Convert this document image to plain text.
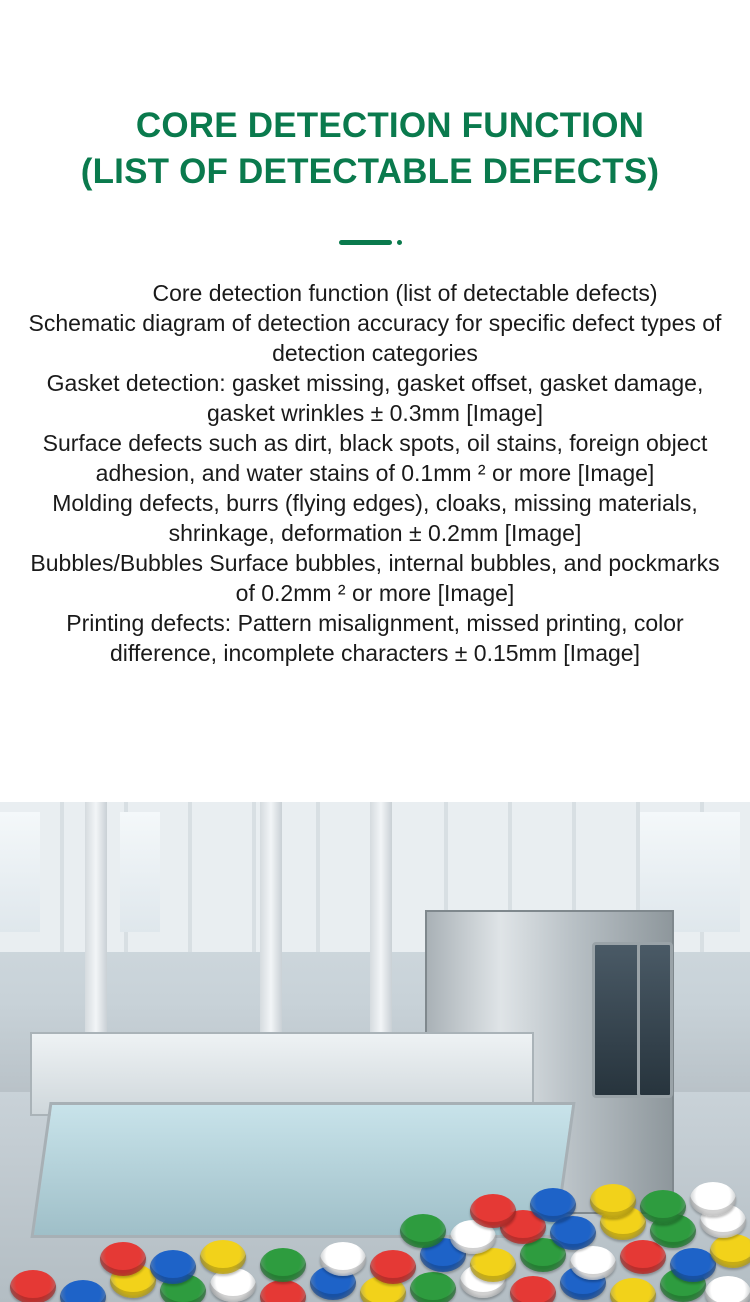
CORE DETECTION FUNCTION
(LIST OF DETECTABLE DEFECTS)

Core detection function (list of detectable defects)

Schematic diagram of detection accuracy for specific defect types of detection categories

Gasket detection: gasket missing, gasket offset, gasket damage, gasket wrinkles ± 0.3mm [Image]

Surface defects such as dirt, black spots, oil stains, foreign object adhesion, and water stains of 0.1mm ² or more [Image]

Molding defects, burrs (flying edges), cloaks, missing materials, shrinkage, deformation ± 0.2mm [Image]

Bubbles/Bubbles Surface bubbles, internal bubbles, and pockmarks of 0.2mm ² or more [Image]

Printing defects: Pattern misalignment, missed printing, color difference, incomplete characters ± 0.15mm [Image]
